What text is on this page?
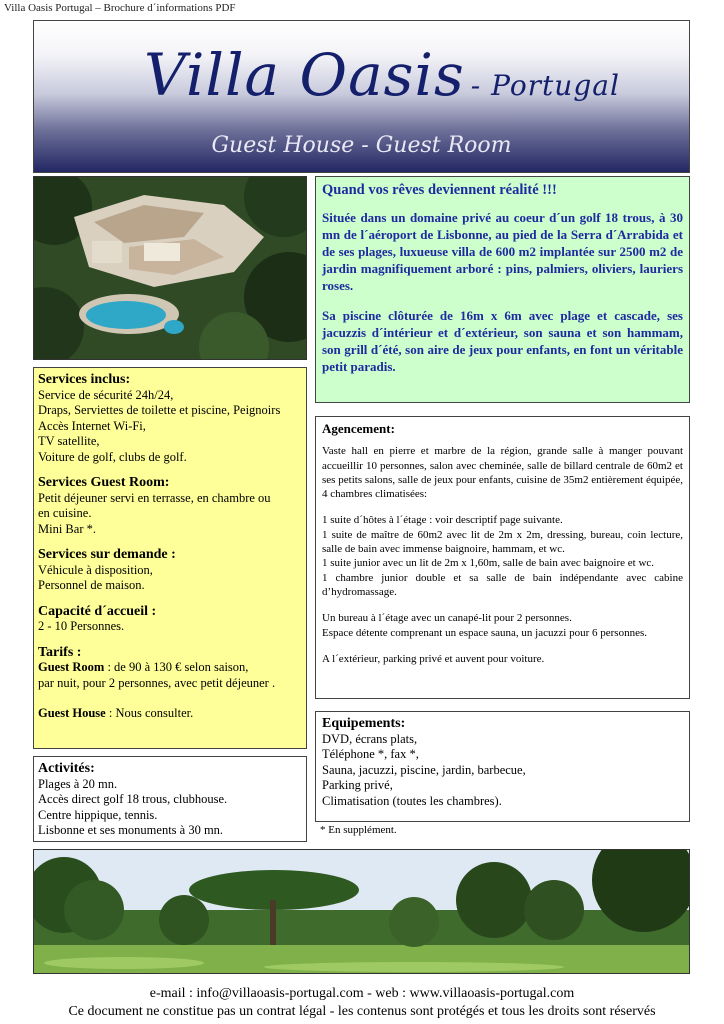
Villa Oasis Portugal – Brochure d´informations PDF
Villa Oasis - Portugal
Guest House - Guest Room
Quand vos rêves deviennent réalité !!!

Située dans un domaine privé au coeur d´un golf 18 trous, à 30 mn de l´aéroport de Lisbonne, au pied de la Serra d´Arrabida et de ses plages, luxueuse villa de 600 m2 implantée sur 2500 m2 de jardin magnifiquement arboré : pins, palmiers, oliviers, lauriers roses.

Sa piscine clôturée de 16m x 6m avec plage et cascade, ses jacuzzis d´intérieur et d´extérieur, son sauna et son hammam, son grill d´été, son aire de jeux pour enfants, en font un véritable petit paradis.

Services inclus:
Service de sécurité 24h/24,
Draps, Serviettes de toilette et piscine, Peignoirs
Accès Internet Wi-Fi,
TV satellite,
Voiture de golf, clubs de golf.
Services Guest Room:
Petit déjeuner servi en terrasse, en chambre ou
en cuisine.
Mini Bar *.
Services sur demande :
Véhicule à disposition,
Personnel de maison.
Capacité d´accueil :
2 - 10 Personnes.
Tarifs :
Guest Room : de 90 à 130 € selon saison,
par nuit, pour 2 personnes, avec petit déjeuner .
Guest House : Nous consulter.
Activités:
Plages à 20 mn.
Accès direct golf 18 trous, clubhouse.
Centre hippique, tennis.
Lisbonne et ses monuments à 30 mn.
Agencement:

Vaste hall en pierre et marbre de la région, grande salle à manger pouvant accueillir 10 personnes, salon avec cheminée, salle de billard centrale de 60m2 et ses petits salons, salle de jeux pour enfants, cuisine de 35m2 entièrement équipée, 4 chambres climatisées:

1 suite d´hôtes à l´étage : voir descriptif page suivante.

1 suite de maître de 60m2 avec lit de 2m x 2m, dressing, bureau, coin lecture, salle de bain avec immense baignoire, hammam, et wc.

1 suite junior avec un lit de 2m x 1,60m, salle de bain avec baignoire et wc.

1 chambre junior double et sa salle de bain indépendante avec cabine d’hydromassage.

Un bureau à l´étage avec un canapé-lit pour 2 personnes.

Espace détente comprenant un espace sauna, un jacuzzi pour 6 personnes.

A l´extérieur, parking privé et auvent pour voiture.

Equipements:
DVD, écrans plats,
Téléphone *, fax *,
Sauna, jacuzzi, piscine, jardin, barbecue,
Parking privé,
Climatisation (toutes les chambres).
* En supplément.
e-mail : info@villaoasis-portugal.com - web : www.villaoasis-portugal.com
Ce document ne constitue pas un contrat légal - les contenus sont protégés et tous les droits sont réservés
